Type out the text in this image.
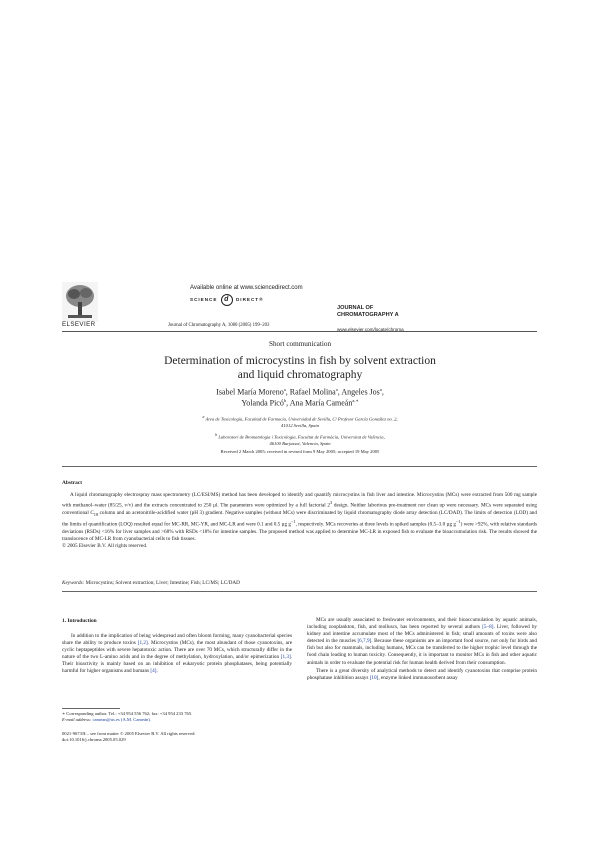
ELSEVIER
Available online at www.sciencedirect.com
SCIENCE d DIRECT®
Journal of Chromatography A, 1080 (2005) 199–203
JOURNAL OF
CHROMATOGRAPHY A
www.elsevier.com/locate/chroma
Short communication
Determination of microcystins in fish by solvent extraction
and liquid chromatography
Isabel María Moreno$^a$, Rafael Molina$^a$, Angeles Jos$^a$,
Yolanda Picó$^b$, Ana María Cameán$^{a,∗}$
$^a$ Area de Toxicología, Facultad de Farmacia, Universidad de Sevilla, C/ Profesor García González no. 2,
41012 Sevilla, Spain
$^b$ Laboratori de Bromatologia i Toxicologia, Facultat de Farmàcia, Universitat de València,
46100 Burjassot, Valencia, Spain
Received 2 March 2005; received in revised form 9 May 2005; accepted 19 May 2005
Abstract
A liquid chromatography electrospray mass spectrometry (LC/ESI/MS) method has been developed to identify and quantify microcystins in fish liver and intestine. Microcystins (MCs) were extracted from 500 mg sample with methanol–water (85/25, v/v) and the extracts concentrated to 250 µl. The parameters were optimized by a full factorial $2^3$ design. Neither laborious pre-treatment nor clean up were necessary. MCs were separated using conventional $C_{18}$ column and an acetonitrile-acidified water (pH 3) gradient. Negative samples (without MCs) were discriminated by liquid chromatography diode array detection (LC/DAD). The limits of detection (LOD) and the limits of quantification (LOQ) resulted equal for MC-RR, MC-YR, and MC-LR and were 0.1 and 0.5 µg $g^{-1}$, respectively. MCs recoveries at three levels in spiked samples (0.5–3.0 µg $g^{-1}$) were >92%, with relative standards deviations (RSDs) <16% for liver samples and >68% with RSDs <18% for intestine samples. The proposed method was applied to determine MC-LR in exposed fish to evaluate the bioaccumulation risk. The results showed the translocence of MC-LR from cyanobacterial cells to fish tissues.
© 2005 Elsevier B.V. All rights reserved.
Keywords: Microcystins; Solvent extraction; Liver; Intestine; Fish; LC/MS; LC/DAD
1. Introduction

In addition to the implication of being widespread and often bloom forming, many cyanobacterial species share the ability to produce toxins [1,2]. Microcystins (MCs), the most abundant of those cyanotoxins, are cyclic heptapeptides with severe hepatotoxic action. There are over 70 MCs, which structurally differ in the nature of the two L-amino acids and in the degree of methylation, hydroxylation, and/or epimerization [1,3]. Their bioactivity is mainly based on an inhibition of eukaryotic protein phosphatases, being potentially harmful for higher organisms and humans [4].

MCs are usually associated to freshwater environments, and their bioaccumulation by aquatic animals, including zooplankton, fish, and molluscs, has been reported by several authors [5–8]. Liver, followed by kidney and intestine accumulate most of the MCs administered in fish; small amounts of toxins were also detected in the muscles [6,7,9]. Because these organisms are an important food source, not only for birds and fish but also for mammals, including humans, MCs can be transferred to the higher trophic level through the food chain leading to human toxicity. Consequently, it is important to monitor MCs in fish and other aquatic animals in order to evaluate the potential risk for human health derived from their consumption.

There is a great diversity of analytical methods to detect and identify cyanotoxins that comprise protein phosphatase inhibition assays [10], enzyme linked immunosorbent assay

∗ Corresponding author. Tel.: +34 954 556 762; fax: +34 954 233 765.
E-mail address: camean@us.es (A.M. Cameán).
0021-9673/$ – see front matter © 2005 Elsevier B.V. All rights reserved.
doi:10.1016/j.chroma.2005.05.029
